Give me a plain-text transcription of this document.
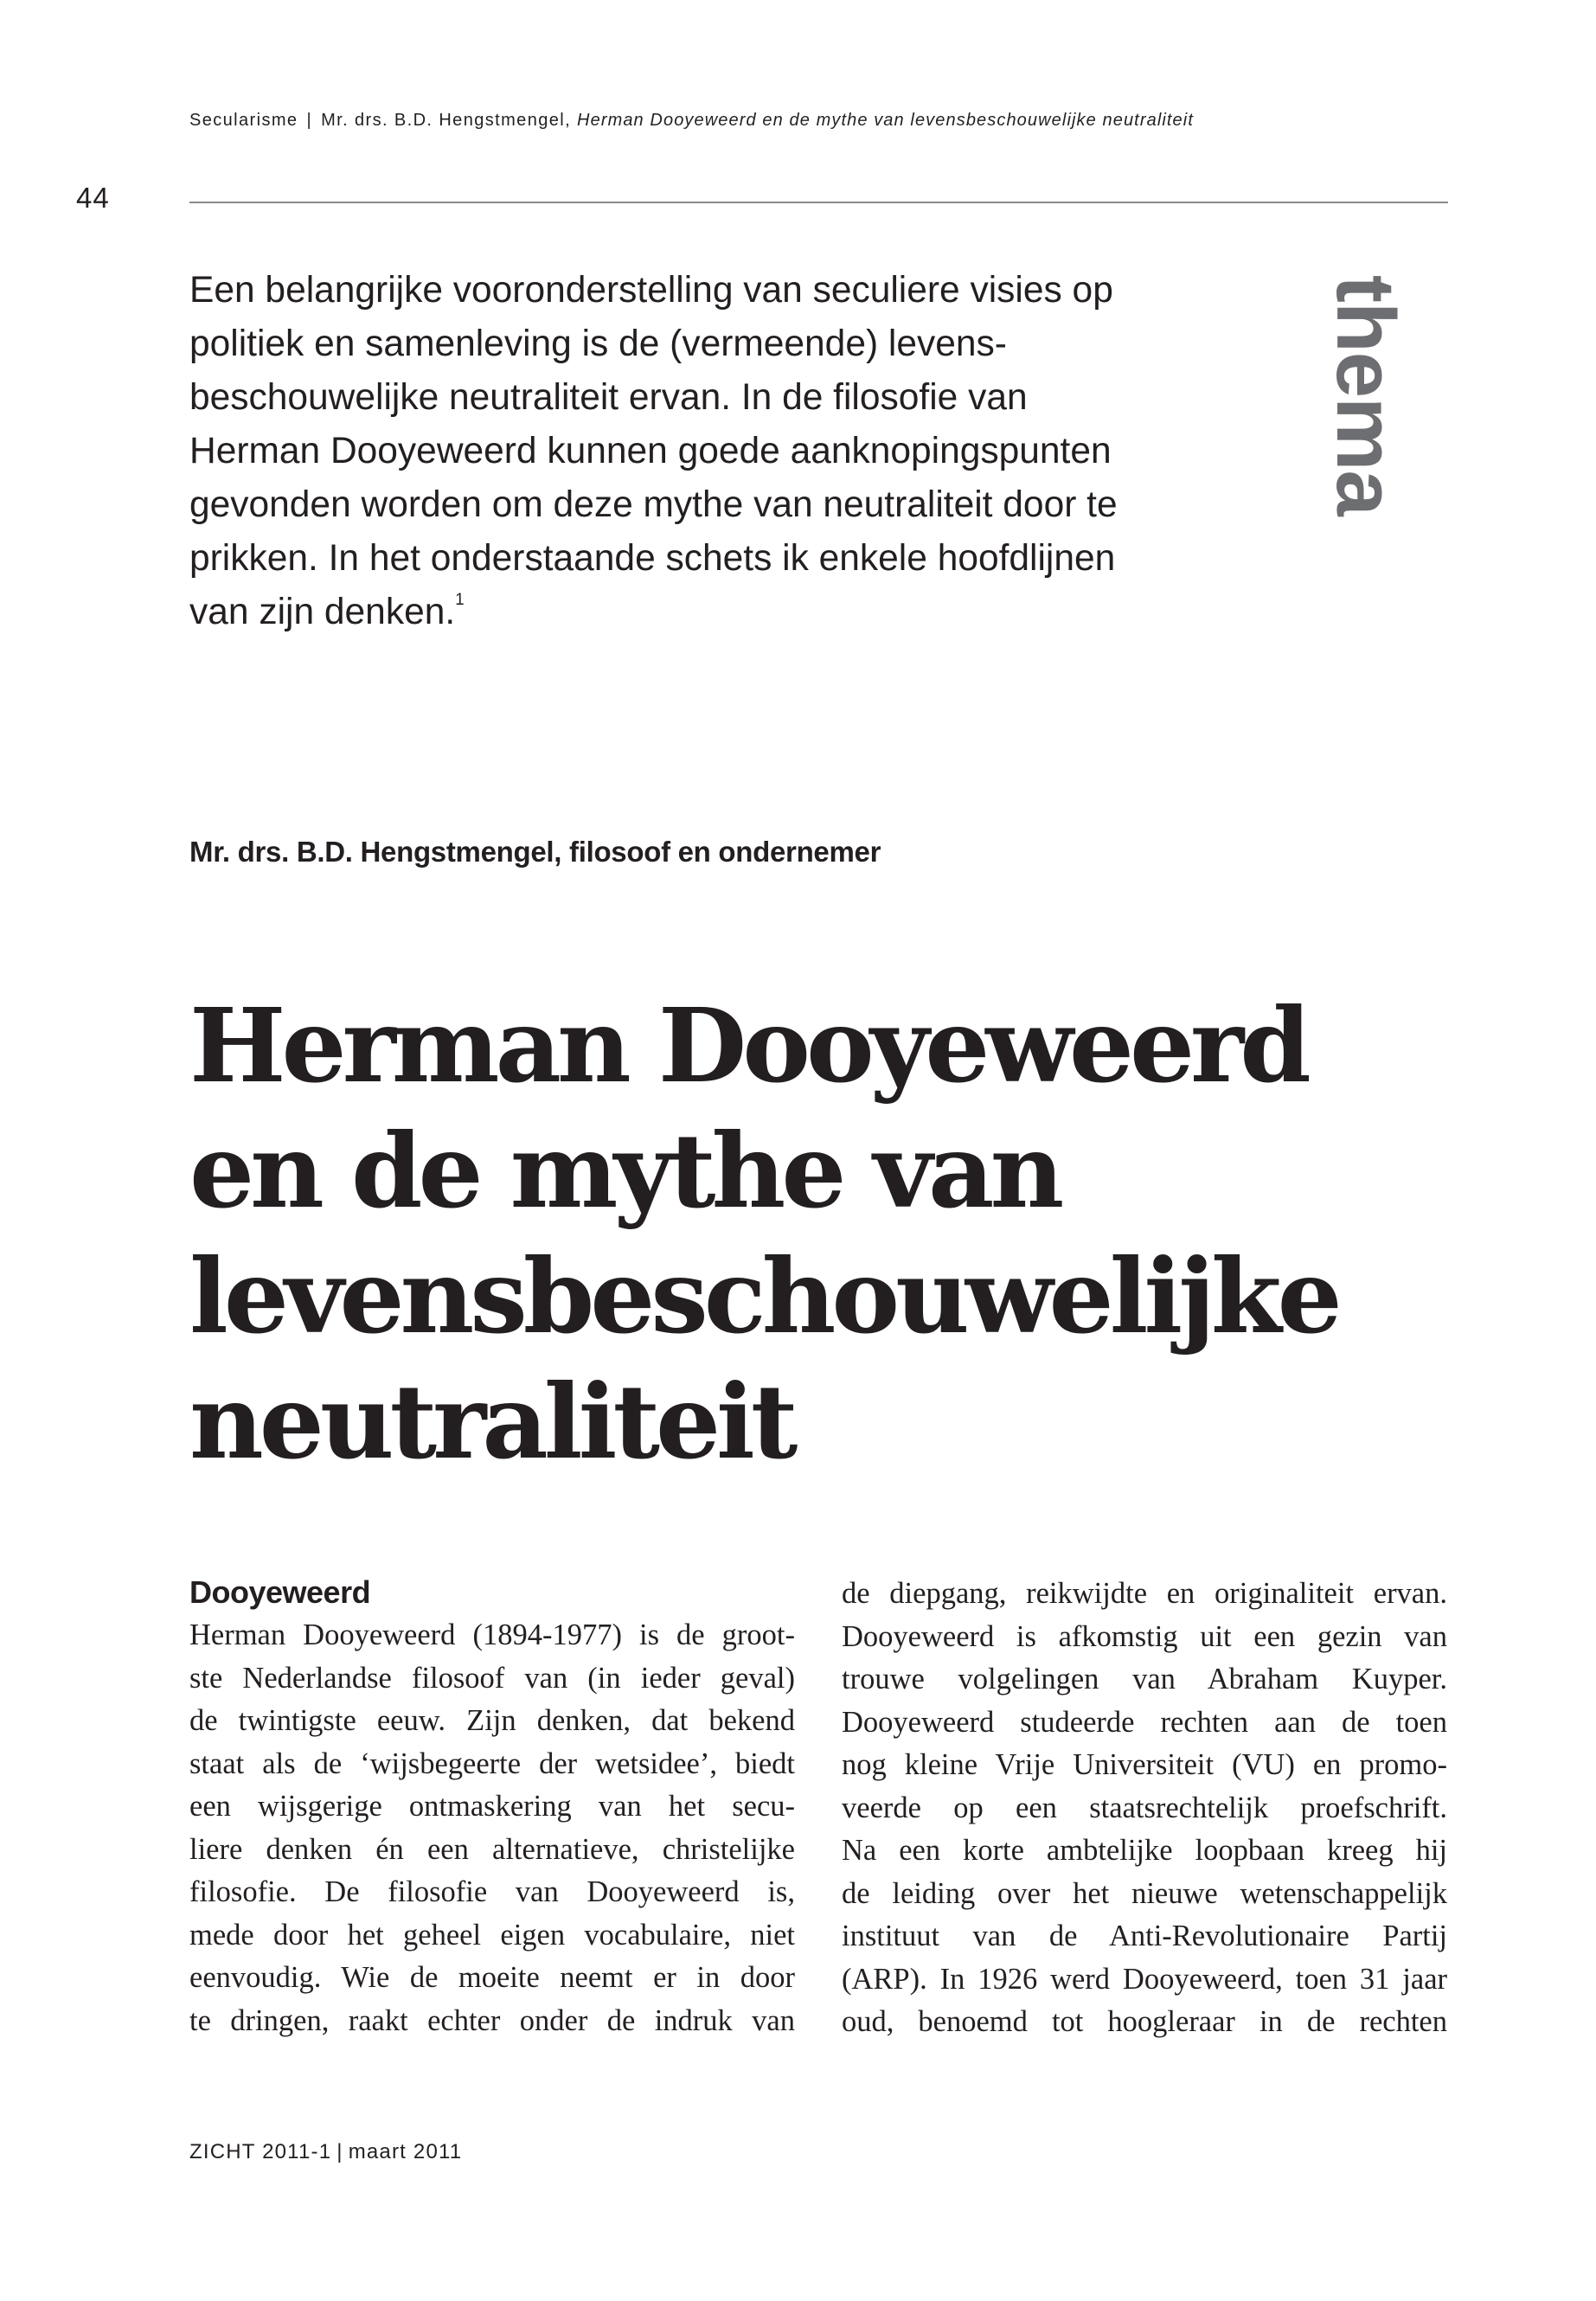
Secularisme | Mr. drs. B.D. Hengstmengel, Herman Dooyeweerd en de mythe van levensbeschouwelijke neutraliteit
44
Een belangrijke vooronderstelling van seculiere visies op
politiek en samenleving is de (vermeende) levens-
beschouwelijke neutraliteit ervan. In de filosofie van
Herman Dooyeweerd kunnen goede aanknopingspunten
gevonden worden om deze mythe van neutraliteit door te
prikken. In het onderstaande schets ik enkele hoofdlijnen
van zijn denken.$^1$
thema
Mr. drs. B.D. Hengstmengel, filosoof en ondernemer
Herman Dooyeweerd
en de mythe van
levensbeschouwelijke
neutraliteit
Dooyeweerd
Herman Dooyeweerd (1894-1977) is de groot-
ste Nederlandse filosoof van (in ieder geval)
de twintigste eeuw. Zijn denken, dat bekend
staat als de ‘wijsbegeerte der wetsidee’, biedt
een wijsgerige ontmaskering van het secu-
liere denken én een alternatieve, christelijke
filosofie. De filosofie van Dooyeweerd is,
mede door het geheel eigen vocabulaire, niet
eenvoudig. Wie de moeite neemt er in door
te dringen, raakt echter onder de indruk van
de diepgang, reikwijdte en originaliteit ervan.
Dooyeweerd is afkomstig uit een gezin van
trouwe volgelingen van Abraham Kuyper.
Dooyeweerd studeerde rechten aan de toen
nog kleine Vrije Universiteit (VU) en promo-
veerde op een staatsrechtelijk proefschrift.
Na een korte ambtelijke loopbaan kreeg hij
de leiding over het nieuwe wetenschappelijk
instituut van de Anti-Revolutionaire Partij
(ARP). In 1926 werd Dooyeweerd, toen 31 jaar
oud, benoemd tot hoogleraar in de rechten
ZICHT 2011-1 | maart 2011
